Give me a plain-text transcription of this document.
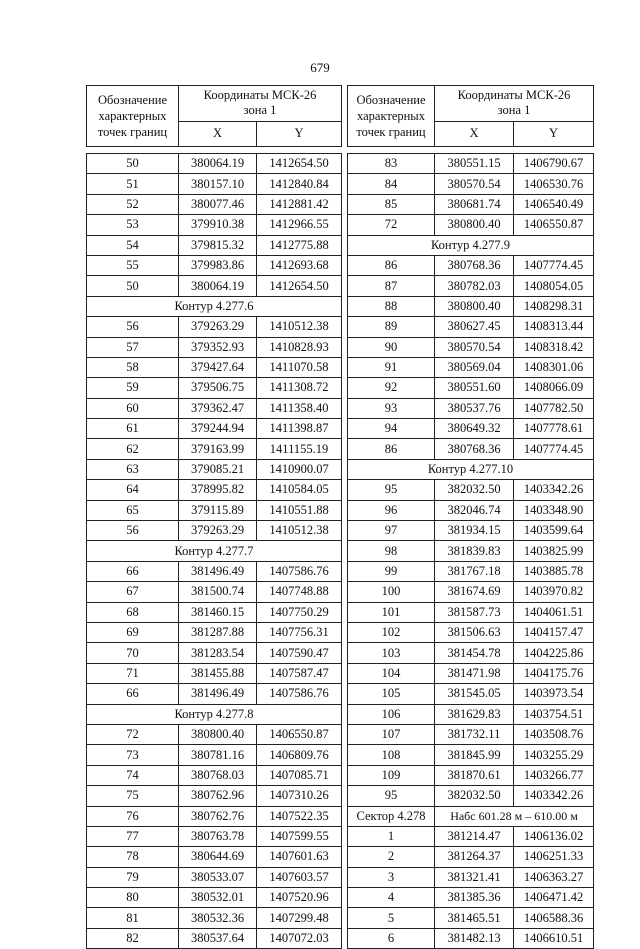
679
Обозначение характерных точек границ	Координаты МСК-26
зона 1	
	X	Y

50	380064.19	1412654.50
51	380157.10	1412840.84
52	380077.46	1412881.42
53	379910.38	1412966.55
54	379815.32	1412775.88
55	379983.86	1412693.68
50	380064.19	1412654.50
Контур 4.277.6		
56	379263.29	1410512.38
57	379352.93	1410828.93
58	379427.64	1411070.58
59	379506.75	1411308.72
60	379362.47	1411358.40
61	379244.94	1411398.87
62	379163.99	1411155.19
63	379085.21	1410900.07
64	378995.82	1410584.05
65	379115.89	1410551.88
56	379263.29	1410512.38
Контур 4.277.7		
66	381496.49	1407586.76
67	381500.74	1407748.88
68	381460.15	1407750.29
69	381287.88	1407756.31
70	381283.54	1407590.47
71	381455.88	1407587.47
66	381496.49	1407586.76
Контур 4.277.8		
72	380800.40	1406550.87
73	380781.16	1406809.76
74	380768.03	1407085.71
75	380762.96	1407310.26
76	380762.76	1407522.35
77	380763.78	1407599.55
78	380644.69	1407601.63
79	380533.07	1407603.57
80	380532.01	1407520.96
81	380532.36	1407299.48
82	380537.64	1407072.03
Обозначение характерных точек границ	Координаты МСК-26
зона 1	
	X	Y

83	380551.15	1406790.67
84	380570.54	1406530.76
85	380681.74	1406540.49
72	380800.40	1406550.87
Контур 4.277.9		
86	380768.36	1407774.45
87	380782.03	1408054.05
88	380800.40	1408298.31
89	380627.45	1408313.44
90	380570.54	1408318.42
91	380569.04	1408301.06
92	380551.60	1408066.09
93	380537.76	1407782.50
94	380649.32	1407778.61
86	380768.36	1407774.45
Контур 4.277.10		
95	382032.50	1403342.26
96	382046.74	1403348.90
97	381934.15	1403599.64
98	381839.83	1403825.99
99	381767.18	1403885.78
100	381674.69	1403970.82
101	381587.73	1404061.51
102	381506.63	1404157.47
103	381454.78	1404225.86
104	381471.98	1404175.76
105	381545.05	1403973.54
106	381629.83	1403754.51
107	381732.11	1403508.76
108	381845.99	1403255.29
109	381870.61	1403266.77
95	382032.50	1403342.26
Сектор 4.278	Набс 601.28 м – 610.00 м	
1	381214.47	1406136.02
2	381264.37	1406251.33
3	381321.41	1406363.27
4	381385.36	1406471.42
5	381465.51	1406588.36
6	381482.13	1406610.51
